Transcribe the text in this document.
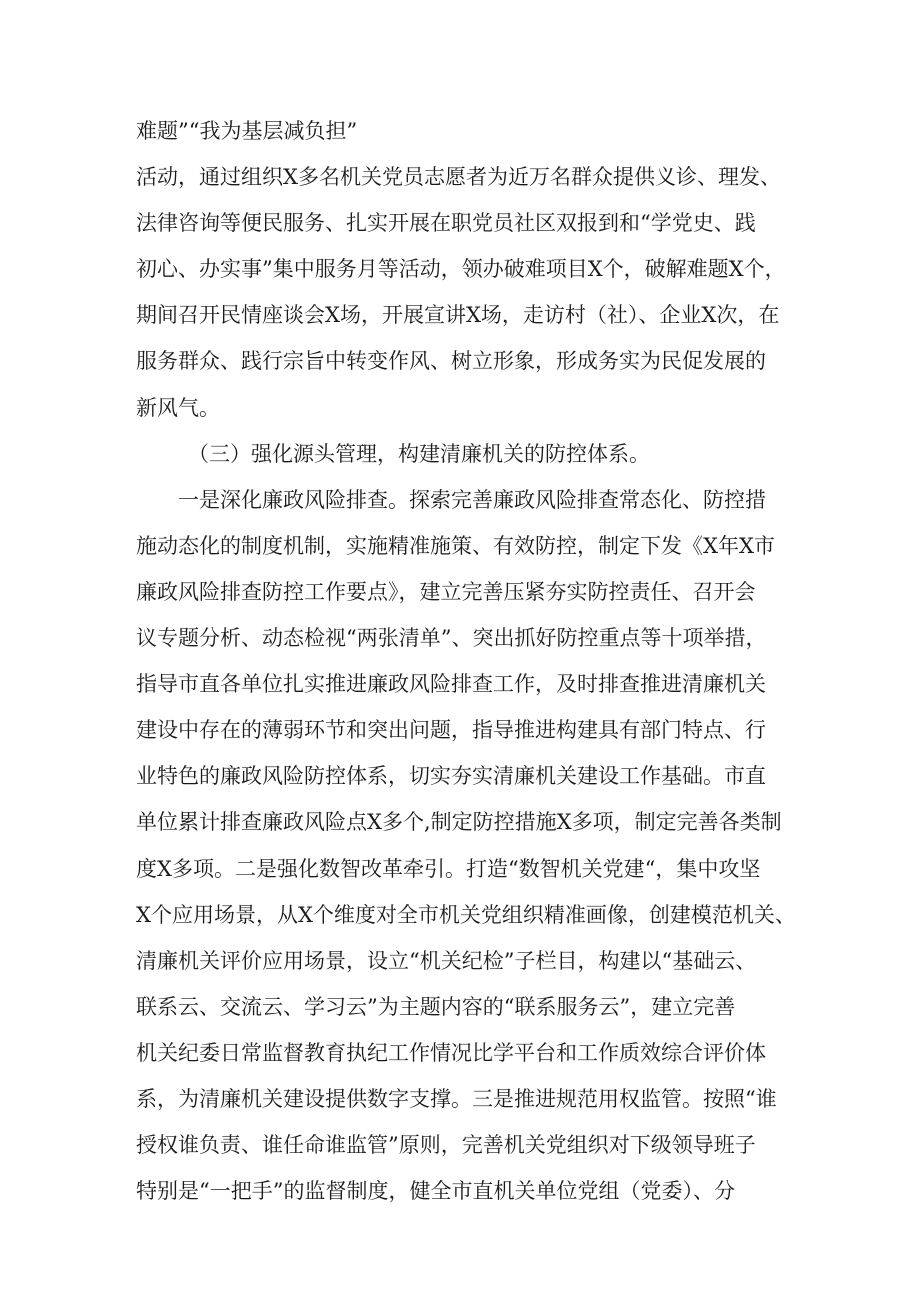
难题”“我为基层减负担”
活动，通过组织X多名机关党员志愿者为近万名群众提供义诊、理发、
法律咨询等便民服务、扎实开展在职党员社区双报到和“学党史、践
初心、办实事”集中服务月等活动，领办破难项目X个，破解难题X个，
期间召开民情座谈会X场，开展宣讲X场，走访村（社）、企业X次，在
服务群众、践行宗旨中转变作风、树立形象，形成务实为民促发展的
新风气。
（三）强化源头管理，构建清廉机关的防控体系。
一是深化廉政风险排查。探索完善廉政风险排查常态化、防控措
施动态化的制度机制，实施精准施策、有效防控，制定下发《X年X市
廉政风险排查防控工作要点》，建立完善压紧夯实防控责任、召开会
议专题分析、动态检视“两张清单”、突出抓好防控重点等十项举措，
指导市直各单位扎实推进廉政风险排查工作，及时排查推进清廉机关
建设中存在的薄弱环节和突出问题，指导推进构建具有部门特点、行
业特色的廉政风险防控体系，切实夯实清廉机关建设工作基础。市直
单位累计排查廉政风险点X多个,制定防控措施X多项，制定完善各类制
度X多项。二是强化数智改革牵引。打造“数智机关党建“，集中攻坚
X个应用场景，从X个维度对全市机关党组织精准画像，创建模范机关、
清廉机关评价应用场景，设立“机关纪检”子栏目，构建以“基础云、
联系云、交流云、学习云”为主题内容的“联系服务云”，建立完善
机关纪委日常监督教育执纪工作情况比学平台和工作质效综合评价体
系，为清廉机关建设提供数字支撑。三是推进规范用权监管。按照“谁
授权谁负责、谁任命谁监管”原则，完善机关党组织对下级领导班子
特别是“一把手”的监督制度，健全市直机关单位党组（党委）、分
